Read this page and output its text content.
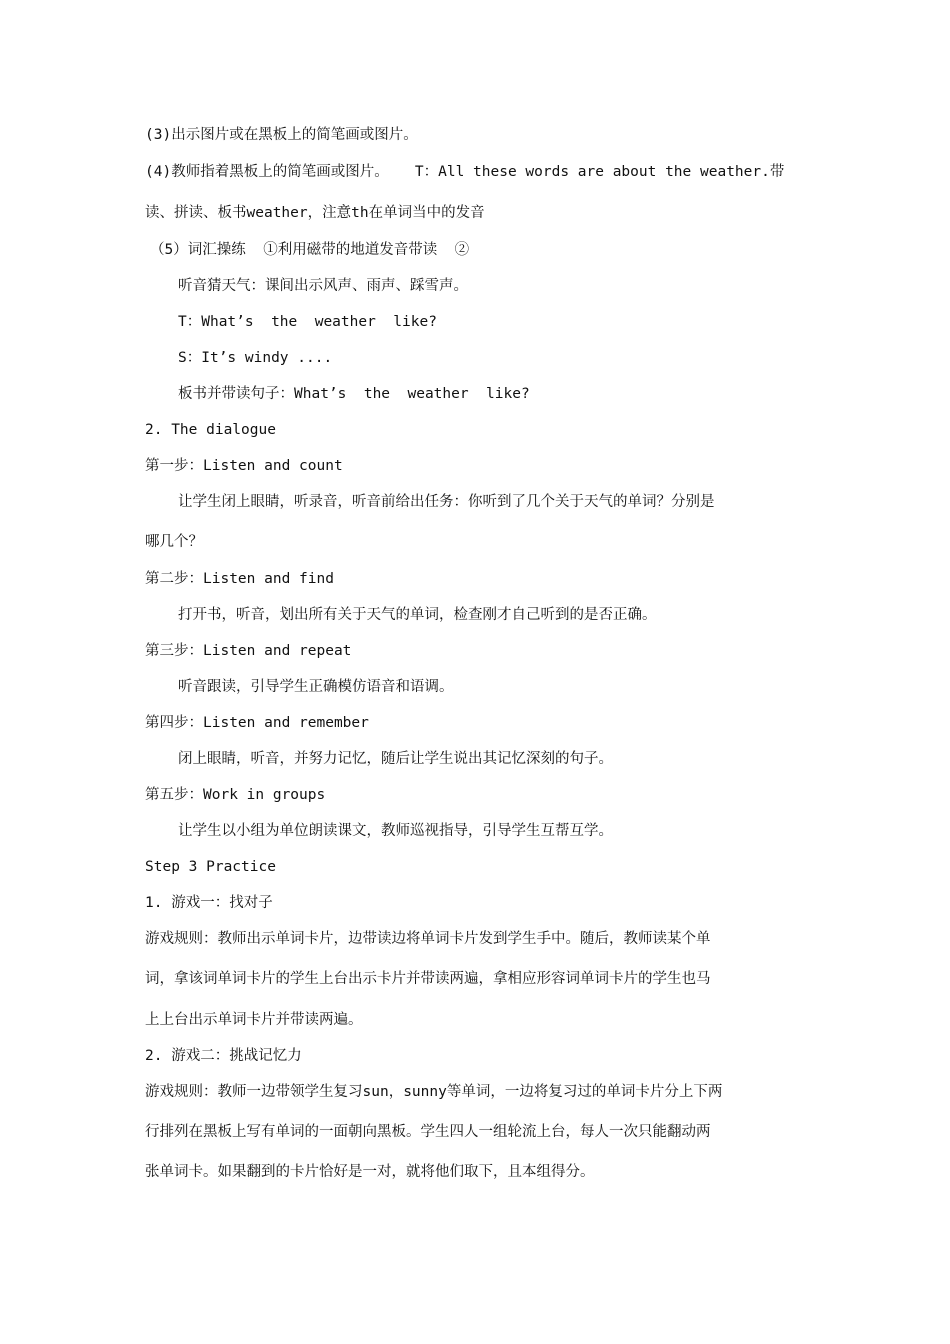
(3)出示图片或在黑板上的简笔画或图片。
(4)教师指着黑板上的简笔画或图片。   T：All these words are about the weather.带
读、拼读、板书weather，注意th在单词当中的发音
（5）词汇操练  ①利用磁带的地道发音带读  ②
听音猜天气：课间出示风声、雨声、踩雪声。
T：What’s  the  weather  like?
S：It’s windy ....
板书并带读句子：What’s  the  weather  like?
2. The dialogue
第一步：Listen and count
让学生闭上眼睛，听录音，听音前给出任务：你听到了几个关于天气的单词？分别是
哪几个？
第二步：Listen and find
打开书，听音，划出所有关于天气的单词，检查刚才自己听到的是否正确。
第三步：Listen and repeat
听音跟读，引导学生正确模仿语音和语调。
第四步：Listen and remember
闭上眼睛，听音，并努力记忆，随后让学生说出其记忆深刻的句子。
第五步：Work in groups
让学生以小组为单位朗读课文，教师巡视指导，引导学生互帮互学。
Step 3 Practice
1. 游戏一：找对子
游戏规则：教师出示单词卡片，边带读边将单词卡片发到学生手中。随后，教师读某个单
词，拿该词单词卡片的学生上台出示卡片并带读两遍，拿相应形容词单词卡片的学生也马
上上台出示单词卡片并带读两遍。
2. 游戏二：挑战记忆力
游戏规则：教师一边带领学生复习sun，sunny等单词，一边将复习过的单词卡片分上下两
行排列在黑板上写有单词的一面朝向黑板。学生四人一组轮流上台，每人一次只能翻动两
张单词卡。如果翻到的卡片恰好是一对，就将他们取下，且本组得分。
